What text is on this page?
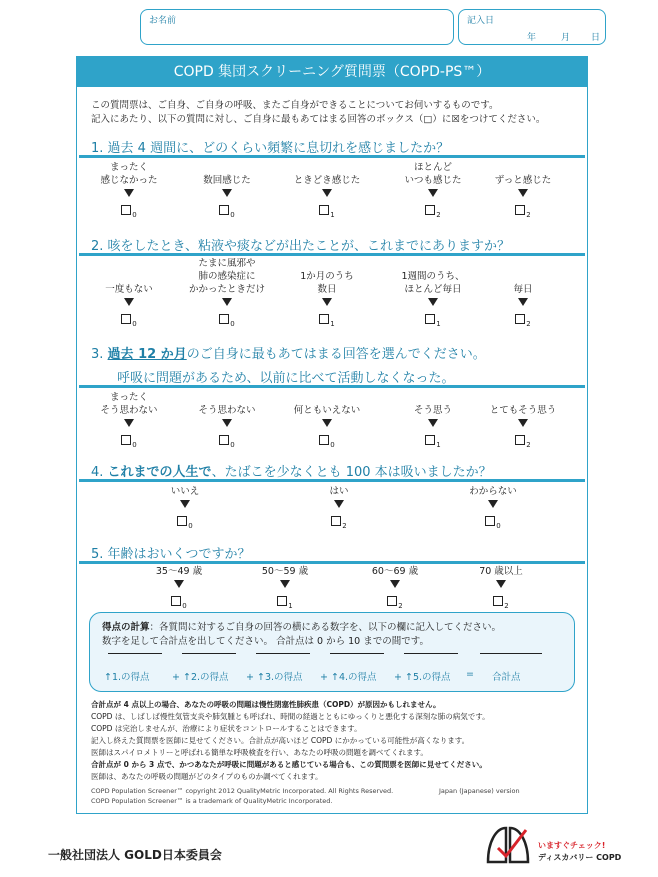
お名前	記入日
年	月 日
COPD 集団スクリーニング質問票（COPD-PS™）
この質問票は、ご自身、ご自身の呼吸、またご自身ができることについてお伺いするものです。
記入にあたり、以下の質問に対し、ご自身に最もあてはまる回答のボックス（□）に☒をつけてください。
1. 過去 4 週間に、どのくらい頻繁に息切れを感じましたか？
まったく
感じなかった
$_0$
数回感じた
$_0$
ときどき感じた
$_1$
ほとんど
いつも感じた
$_2$
ずっと感じた
$_2$
2. 咳をしたとき、粘液や痰などが出たことが、これまでにありますか？
一度もない
$_0$
たまに風邪や
肺の感染症に
かかったときだけ
$_0$
1か月のうち
数日
$_1$
1週間のうち、
ほとんど毎日
$_1$
毎日
$_2$
3. 過去 12 か月のご自身に最もあてはまる回答を選んでください。
呼吸に問題があるため、以前に比べて活動しなくなった。
まったく
そう思わない
$_0$
そう思わない
$_0$
何ともいえない
$_0$
そう思う
$_1$
とてもそう思う
$_2$
4. これまでの人生で、たばこを少なくとも 100 本は吸いましたか？
いいえ
$_0$
はい
$_2$
わからない
$_0$
5. 年齢はおいくつですか？
35〜49 歳
$_0$
50〜59 歳
$_1$
60〜69 歳
$_2$
70 歳以上
$_2$
得点の計算：各質問に対するご自身の回答の横にある数字を、以下の欄に記入してください。
数字を足して合計点を出してください。 合計点は 0 から 10 までの間です。
↑1.の得点 + ↑2.の得点 + ↑3.の得点 + ↑4.の得点 + ↑5.の得点 = 合計点
合計点が 4 点以上の場合、あなたの呼吸の問題は慢性閉塞性肺疾患（COPD）が原因かもしれません。
COPD は、しばしば慢性気管支炎や肺気腫とも呼ばれ、時間の経過とともにゆっくりと悪化する深刻な肺の病気です。
COPD は完治しませんが、治療により症状をコントロールすることはできます。
記入し終えた質問票を医師に見せてください。合計点が高いほど COPD にかかっている可能性が高くなります。
医師はスパイロメトリーと呼ばれる簡単な呼吸検査を行い、あなたの呼吸の問題を調べてくれます。
合計点が 0 から 3 点で、かつあなたが呼吸に問題があると感じている場合も、この質問票を医師に見せてください。
医師は、あなたの呼吸の問題がどのタイプのものか調べてくれます。
COPD Population Screener™ copyright 2012 QualityMetric Incorporated. All Rights Reserved.
COPD Population Screener™ is a trademark of QualityMetric Incorporated.
Japan (Japanese) version
一般社団法人 GOLD日本委員会
いますぐチェック!
ディスカバリー COPD
